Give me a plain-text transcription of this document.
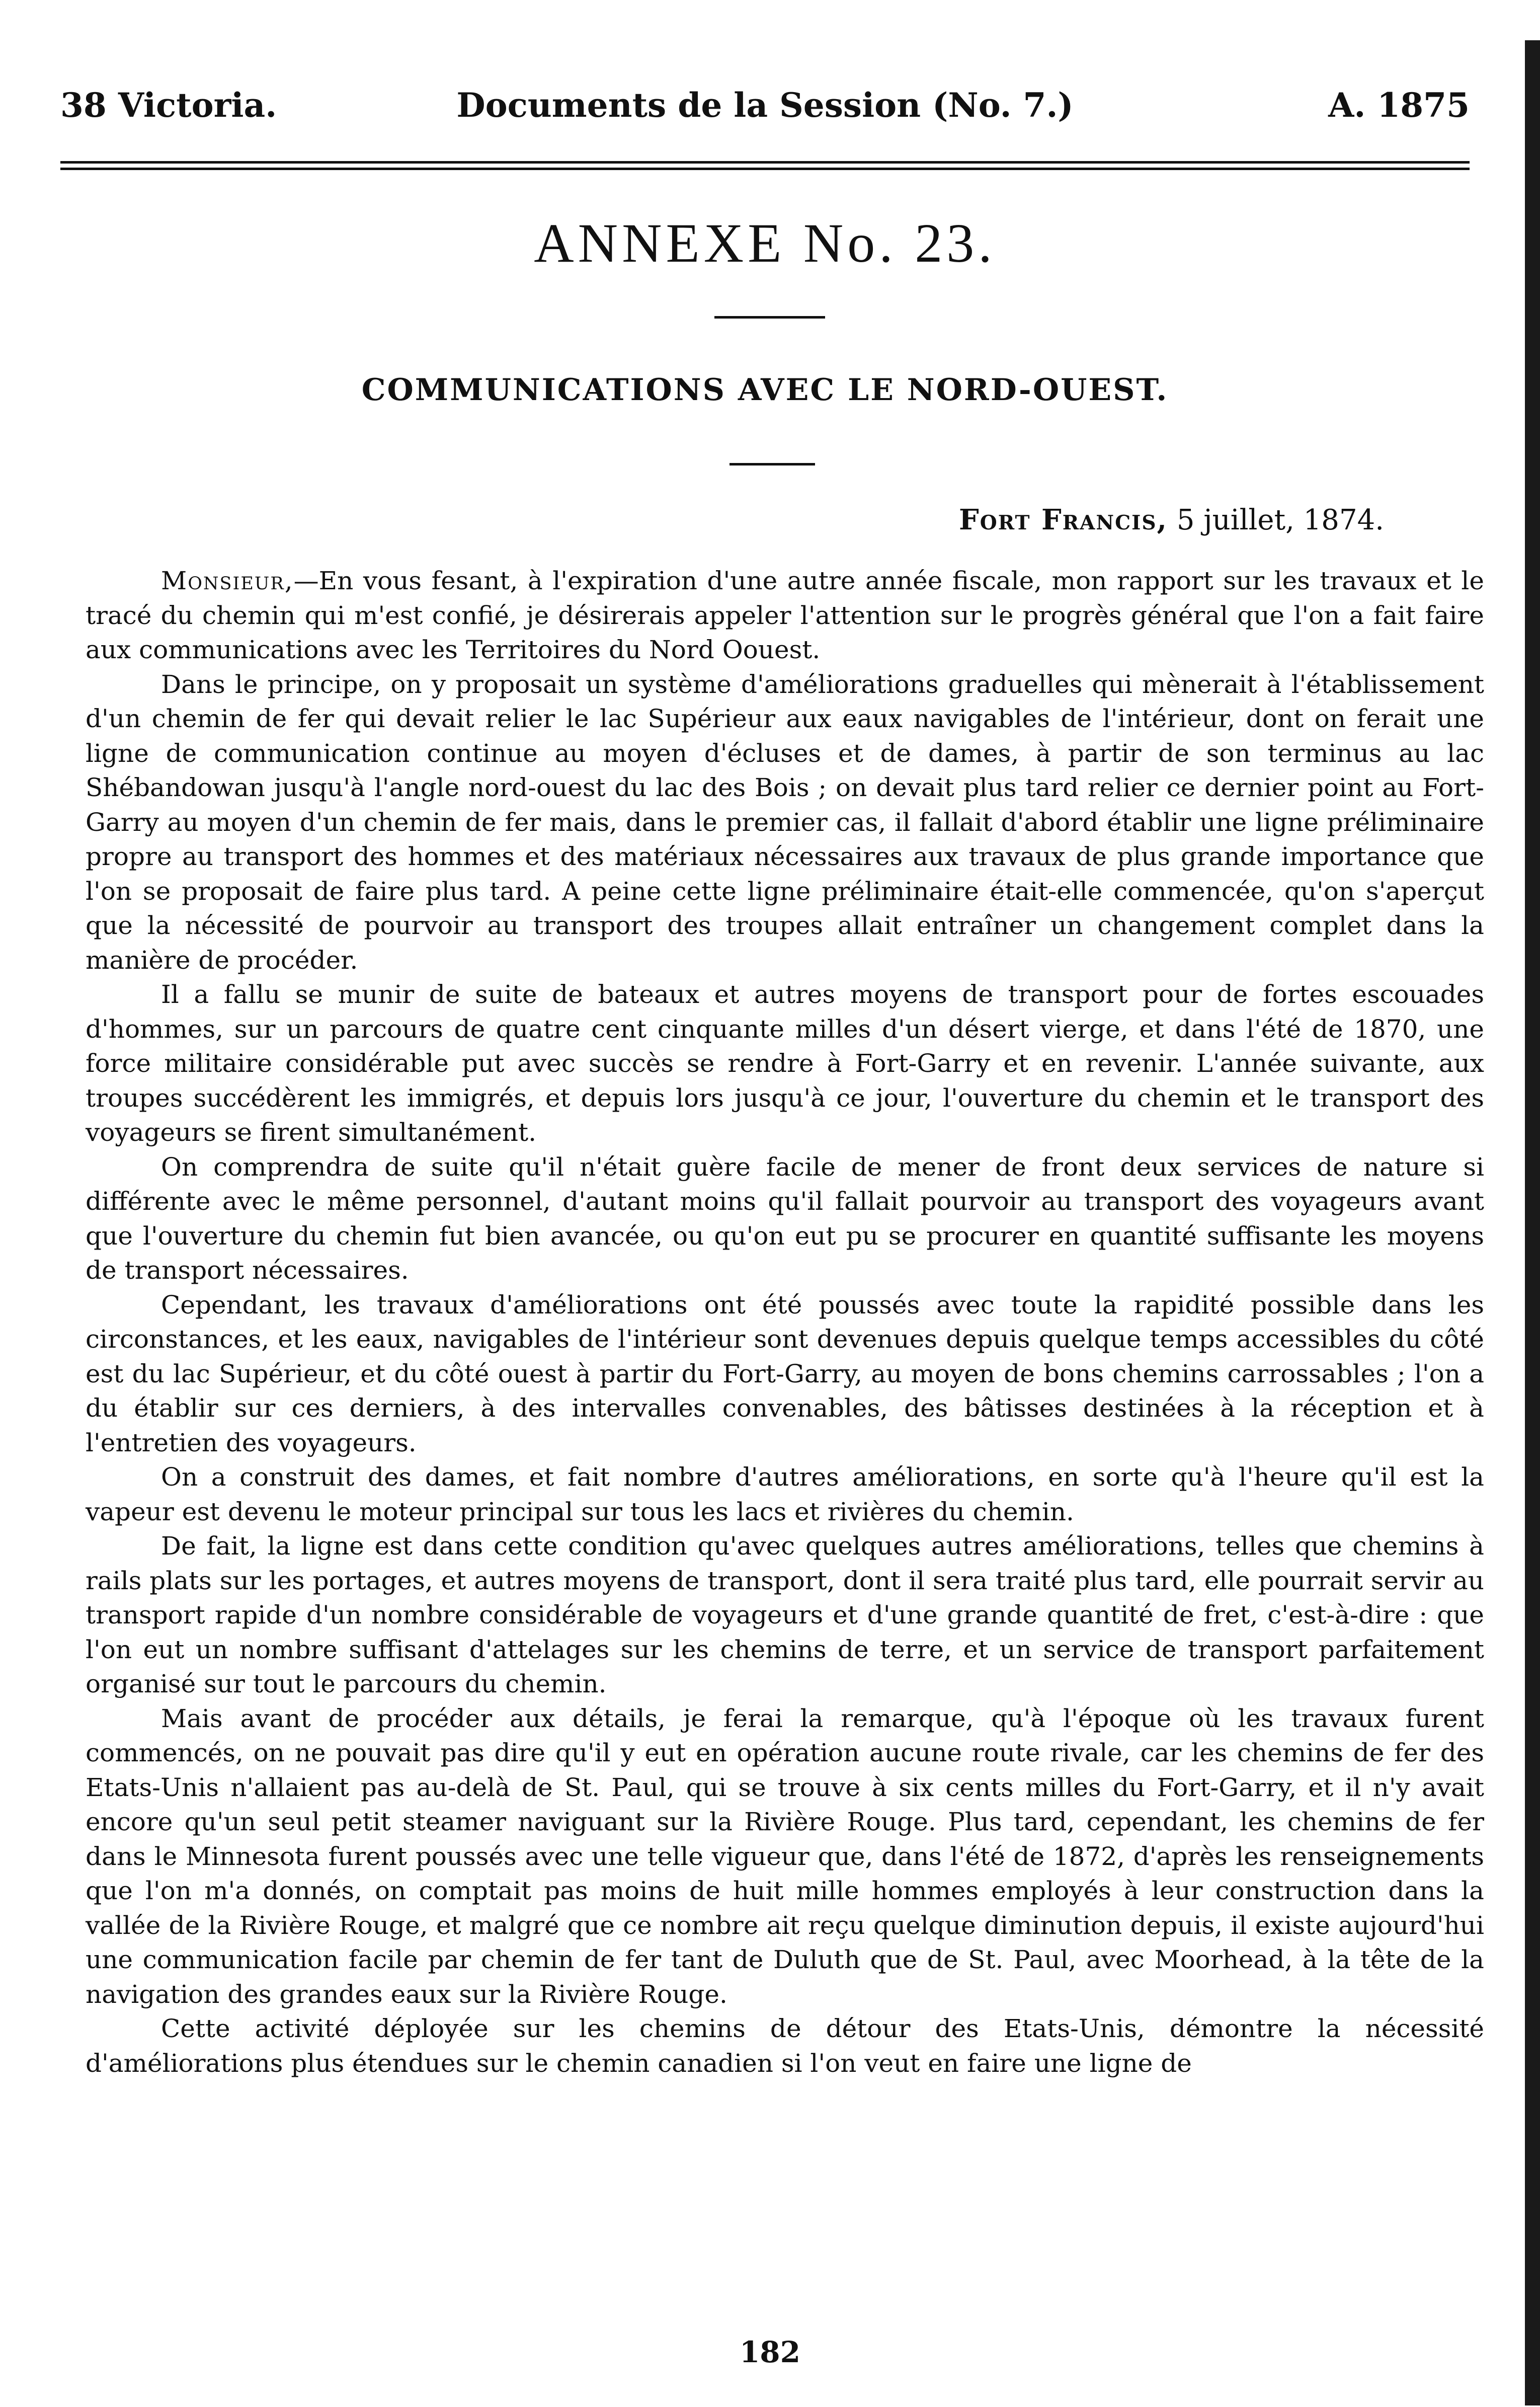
38 Victoria.	Documents de la Session (No. 7.)	A. 1875
ANNEXE No. 23.
COMMUNICATIONS AVEC LE NORD-OUEST.
Fort Francis, 5 juillet, 1874.

Monsieur,—En vous fesant, à l'expiration d'une autre année fiscale, mon rapport sur les travaux et le tracé du chemin qui m'est confié, je désirerais appeler l'attention sur le progrès général que l'on a fait faire aux communications avec les Territoires du Nord Oouest.

Dans le principe, on y proposait un système d'améliorations graduelles qui mènerait à l'établissement d'un chemin de fer qui devait relier le lac Supérieur aux eaux navigables de l'intérieur, dont on ferait une ligne de communication continue au moyen d'écluses et de dames, à partir de son terminus au lac Shébandowan jusqu'à l'angle nord-ouest du lac des Bois ; on devait plus tard relier ce dernier point au Fort-Garry au moyen d'un chemin de fer mais, dans le premier cas, il fallait d'abord établir une ligne préliminaire propre au transport des hommes et des matériaux nécessaires aux travaux de plus grande importance que l'on se proposait de faire plus tard. A peine cette ligne préliminaire était-elle commencée, qu'on s'aperçut que la nécessité de pourvoir au transport des troupes allait entraîner un changement complet dans la manière de procéder.

Il a fallu se munir de suite de bateaux et autres moyens de transport pour de fortes escouades d'hommes, sur un parcours de quatre cent cinquante milles d'un désert vierge, et dans l'été de 1870, une force militaire considérable put avec succès se rendre à Fort-Garry et en revenir. L'année suivante, aux troupes succédèrent les immigrés, et depuis lors jusqu'à ce jour, l'ouverture du chemin et le transport des voyageurs se firent simultanément.

On comprendra de suite qu'il n'était guère facile de mener de front deux services de nature si différente avec le même personnel, d'autant moins qu'il fallait pourvoir au transport des voyageurs avant que l'ouverture du chemin fut bien avancée, ou qu'on eut pu se procurer en quantité suffisante les moyens de transport nécessaires.

Cependant, les travaux d'améliorations ont été poussés avec toute la rapidité possible dans les circonstances, et les eaux, navigables de l'intérieur sont devenues depuis quelque temps accessibles du côté est du lac Supérieur, et du côté ouest à partir du Fort-Garry, au moyen de bons chemins carrossables ; l'on a du établir sur ces derniers, à des intervalles convenables, des bâtisses destinées à la réception et à l'entretien des voyageurs.

On a construit des dames, et fait nombre d'autres améliorations, en sorte qu'à l'heure qu'il est la vapeur est devenu le moteur principal sur tous les lacs et rivières du chemin.

De fait, la ligne est dans cette condition qu'avec quelques autres améliorations, telles que chemins à rails plats sur les portages, et autres moyens de transport, dont il sera traité plus tard, elle pourrait servir au transport rapide d'un nombre considérable de voyageurs et d'une grande quantité de fret, c'est-à-dire : que l'on eut un nombre suffisant d'attelages sur les chemins de terre, et un service de transport parfaitement organisé sur tout le parcours du chemin.

Mais avant de procéder aux détails, je ferai la remarque, qu'à l'époque où les travaux furent commencés, on ne pouvait pas dire qu'il y eut en opération aucune route rivale, car les chemins de fer des Etats-Unis n'allaient pas au-delà de St. Paul, qui se trouve à six cents milles du Fort-Garry, et il n'y avait encore qu'un seul petit steamer naviguant sur la Rivière Rouge. Plus tard, cependant, les chemins de fer dans le Minnesota furent poussés avec une telle vigueur que, dans l'été de 1872, d'après les renseignements que l'on m'a donnés, on comptait pas moins de huit mille hommes employés à leur construction dans la vallée de la Rivière Rouge, et malgré que ce nombre ait reçu quelque diminution depuis, il existe aujourd'hui une communication facile par chemin de fer tant de Duluth que de St. Paul, avec Moorhead, à la tête de la navigation des grandes eaux sur la Rivière Rouge.

Cette activité déployée sur les chemins de détour des Etats-Unis, démontre la nécessité d'améliorations plus étendues sur le chemin canadien si l'on veut en faire une ligne de

182
